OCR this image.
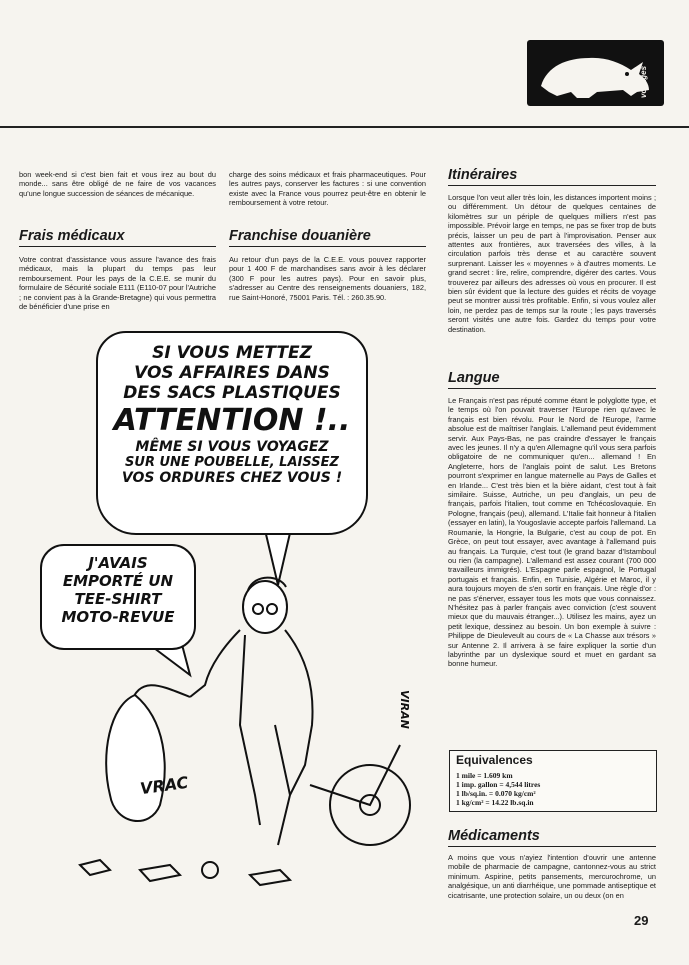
voyages

bon week-end si c'est bien fait et vous irez au bout du monde... sans être obligé de ne faire de vos vacances qu'une longue succession de séances de mécanique.

Frais médicaux

Votre contrat d'assistance vous assure l'avance des frais médicaux, mais la plupart du temps pas leur remboursement. Pour les pays de la C.E.E. se munir du formulaire de Sécurité sociale E111 (E110-07 pour l'Autriche ; ne convient pas à la Grande-Bretagne) qui vous permettra de bénéficier d'une prise en

charge des soins médicaux et frais pharmaceutiques. Pour les autres pays, conserver les factures : si une convention existe avec la France vous pourrez peut-être en obtenir le remboursement à votre retour.

Franchise douanière

Au retour d'un pays de la C.E.E. vous pouvez rapporter pour 1 400 F de marchandises sans avoir à les déclarer (300 F pour les autres pays). Pour en savoir plus, s'adresser au Centre des renseignements douaniers, 182, rue Saint-Honoré, 75001 Paris. Tél. : 260.35.90.

SI VOUS METTEZ
VOS AFFAIRES DANS
DES SACS PLASTIQUES
ATTENTION !..
MÊME SI VOUS VOYAGEZ
SUR UNE POUBELLE, LAISSEZ
VOS ORDURES CHEZ VOUS !
J'AVAIS
EMPORTÉ UN
TEE-SHIRT
MOTO-REVUE
VRAC
VIRAN
Itinéraires

Lorsque l'on veut aller très loin, les distances importent moins ; ou différemment. Un détour de quelques centaines de kilomètres sur un périple de quelques milliers n'est pas impossible. Prévoir large en temps, ne pas se fixer trop de buts précis, laisser un peu de part à l'improvisation. Penser aux attentes aux frontières, aux traversées des villes, à la circulation parfois très dense et au caractère souvent surprenant. Laisser les « moyennes » à d'autres moments. Le grand secret : lire, relire, comprendre, digérer des cartes. Vous trouverez par ailleurs des adresses où vous en procurer. Il est bien sûr évident que la lecture des guides et récits de voyage peut se montrer aussi très profitable. Enfin, si vous voulez aller loin, ne perdez pas de temps sur la route ; les pays traversés seront visités une autre fois. Gardez du temps pour votre destination.

Langue

Le Français n'est pas réputé comme étant le polyglotte type, et le temps où l'on pouvait traverser l'Europe rien qu'avec le français est bien révolu. Pour le Nord de l'Europe, l'arme absolue est de maîtriser l'anglais. L'allemand peut évidemment servir. Aux Pays-Bas, ne pas craindre d'essayer le français avec les jeunes. Il n'y a qu'en Allemagne qu'il vous sera parfois obligatoire de ne communiquer qu'en... allemand ! En Angleterre, hors de l'anglais point de salut. Les Bretons pourront s'exprimer en langue maternelle au Pays de Galles et en Irlande... C'est très bien et la bière aidant, c'est tout à fait similaire. Suisse, Autriche, un peu d'anglais, un peu de français, parfois l'italien, tout comme en Tchécoslovaquie. En Pologne, français (peu), allemand. L'Italie fait honneur à l'italien (essayer en latin), la Yougoslavie accepte parfois l'allemand. La Roumanie, la Hongrie, la Bulgarie, c'est au coup de pot. En Grèce, on peut tout essayer, avec avantage à l'allemand puis au français. La Turquie, c'est tout (le grand bazar d'Istamboul ou rien (la campagne). L'allemand est assez courant (700 000 travailleurs immigrés). L'Espagne parle espagnol, le Portugal portugais et français. Enfin, en Tunisie, Algérie et Maroc, il y aura toujours moyen de s'en sortir en français. Une règle d'or : ne pas s'énerver, essayer tous les mots que vous connaissez. N'hésitez pas à parler français avec conviction (c'est souvent mieux que du mauvais étranger...). Utilisez les mains, ayez un petit lexique, dessinez au besoin. Un bon exemple à suivre : Philippe de Dieuleveult au cours de « La Chasse aux trésors » sur Antenne 2. Il arrivera à se faire expliquer la sortie d'un labyrinthe par un dyslexique sourd et muet en gardant sa bonne humeur.

Equivalences
1 mile = 1.609 km
1 imp. gallon = 4,544 litres
1 lb/sq.in. = 0.070 kg/cm²
1 kg/cm² = 14.22 lb.sq.in
Médicaments

A moins que vous n'ayiez l'intention d'ouvrir une antenne mobile de pharmacie de campagne, cantonnez-vous au strict minimum. Aspirine, petits pansements, mercurochrome, un analgésique, un anti diarrhéique, une pommade antiseptique et cicatrisante, une protection solaire, un ou deux (on en

29
